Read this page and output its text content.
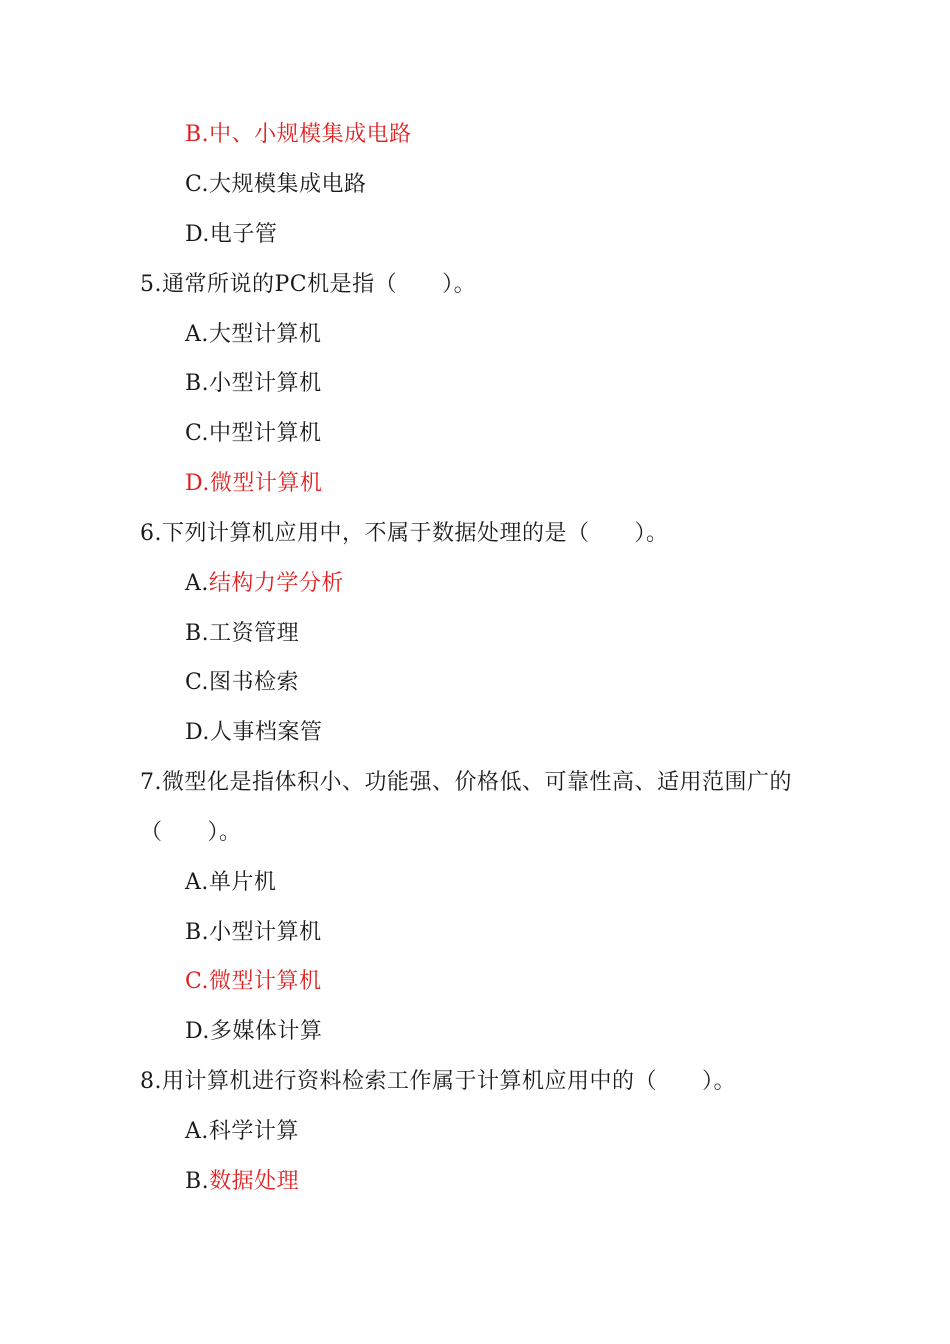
B.中、小规模集成电路
C.大规模集成电路
D.电子管
5.通常所说的PC机是指（　　）。
A.大型计算机
B.小型计算机
C.中型计算机
D.微型计算机
6.下列计算机应用中，不属于数据处理的是（　　）。
A.结构力学分析
B.工资管理
C.图书检索
D.人事档案管
7.微型化是指体积小、功能强、价格低、可靠性高、适用范围广的
（　　）。
A.单片机
B.小型计算机
C.微型计算机
D.多媒体计算
8.用计算机进行资料检索工作属于计算机应用中的（　　）。
A.科学计算
B.数据处理
